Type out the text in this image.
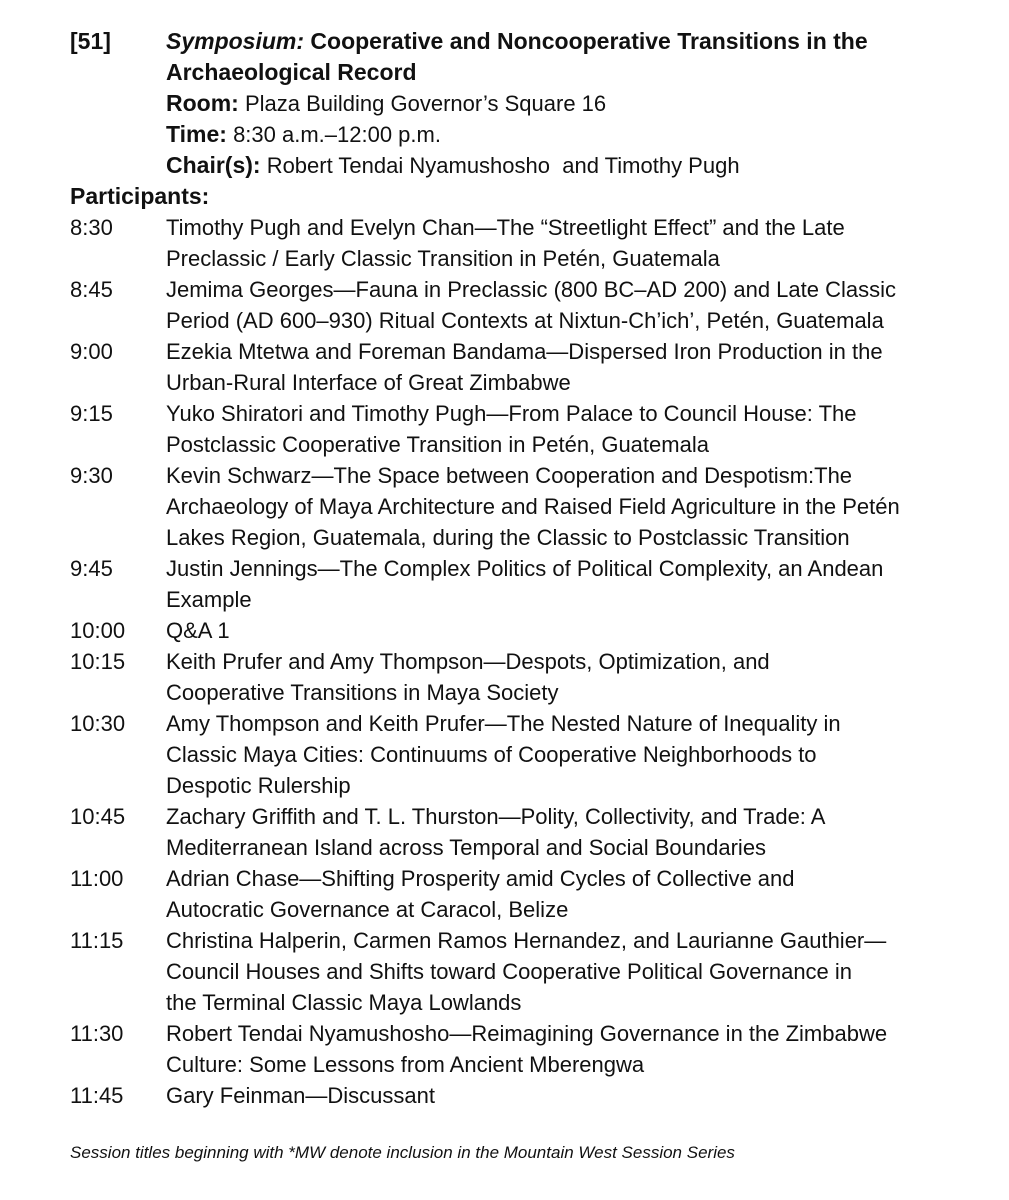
[51] Symposium: Cooperative and Noncooperative Transitions in the
Archaeological Record
Room: Plaza Building Governor’s Square 16
Time: 8:30 a.m.–12:00 p.m.
Chair(s): Robert Tendai Nyamushosho  and Timothy Pugh
Participants:
8:30	Timothy Pugh and Evelyn Chan—The “Streetlight Effect” and the Late
Preclassic / Early Classic Transition in Petén, Guatemala
8:45	Jemima Georges—Fauna in Preclassic (800 BC–AD 200) and Late Classic
Period (AD 600–930) Ritual Contexts at Nixtun-Ch’ich’, Petén, Guatemala
9:00	Ezekia Mtetwa and Foreman Bandama—Dispersed Iron Production in the
Urban-Rural Interface of Great Zimbabwe
9:15	Yuko Shiratori and Timothy Pugh—From Palace to Council House: The
Postclassic Cooperative Transition in Petén, Guatemala
9:30	Kevin Schwarz—The Space between Cooperation and Despotism:The
Archaeology of Maya Architecture and Raised Field Agriculture in the Petén
Lakes Region, Guatemala, during the Classic to Postclassic Transition
9:45	Justin Jennings—The Complex Politics of Political Complexity, an Andean
Example
10:00	Q&A 1
10:15	Keith Prufer and Amy Thompson—Despots, Optimization, and
Cooperative Transitions in Maya Society
10:30	Amy Thompson and Keith Prufer—The Nested Nature of Inequality in
Classic Maya Cities: Continuums of Cooperative Neighborhoods to
Despotic Rulership
10:45	Zachary Griffith and T. L. Thurston—Polity, Collectivity, and Trade: A
Mediterranean Island across Temporal and Social Boundaries
11:00	Adrian Chase—Shifting Prosperity amid Cycles of Collective and
Autocratic Governance at Caracol, Belize
11:15	Christina Halperin, Carmen Ramos Hernandez, and Laurianne Gauthier—
Council Houses and Shifts toward Cooperative Political Governance in
the Terminal Classic Maya Lowlands
11:30	Robert Tendai Nyamushosho—Reimagining Governance in the Zimbabwe
Culture: Some Lessons from Ancient Mberengwa
11:45	Gary Feinman—Discussant
Session titles beginning with *MW denote inclusion in the Mountain West Session Series
